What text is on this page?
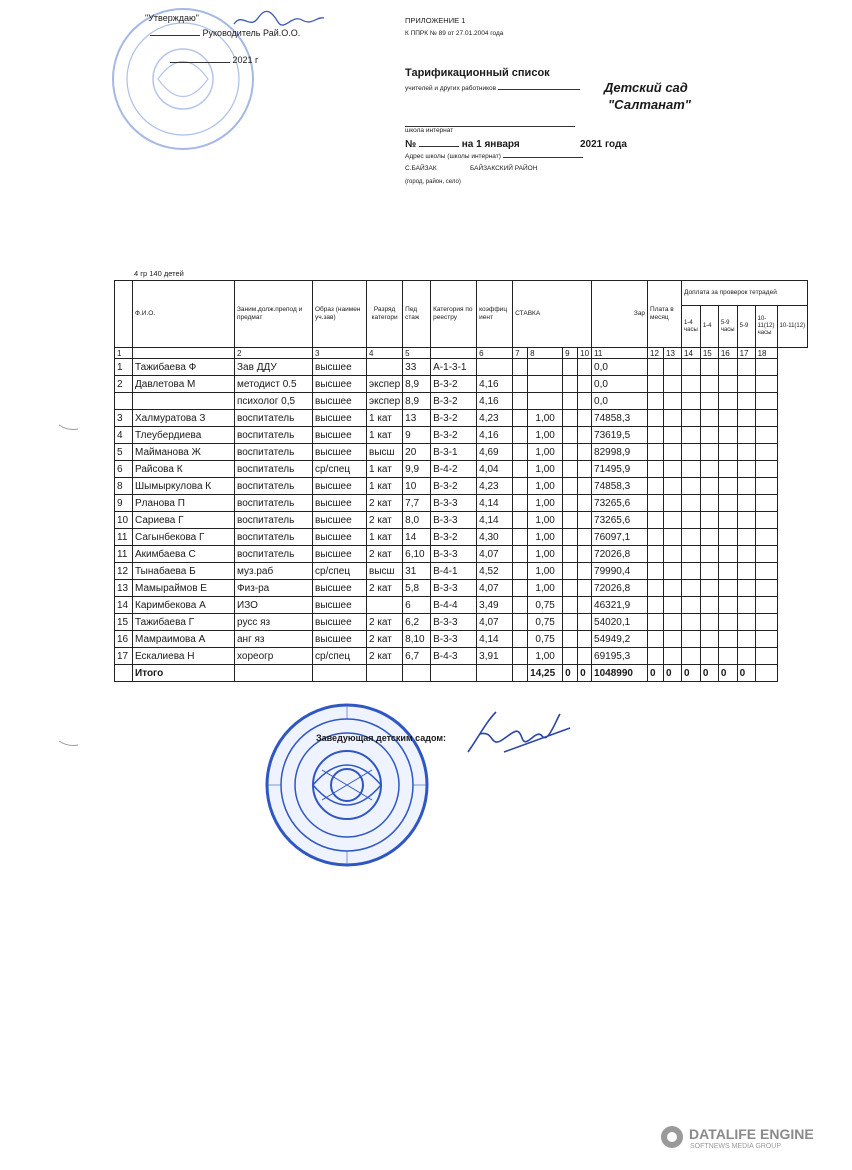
"Утверждаю"
Руководитель Рай.О.О.
2021 г
ПРИЛОЖЕНИЕ 1
К ППРК № 89 от 27.01.2004 года
Тарификационный список
учителей и других работников	Детский сад
"Салтанат"
школа интернат
№	на 1 января	2021 года
Адрес школы (школы интернат)
С.БАЙЗАК	БАЙЗАКСКИЙ РАЙОН
(город, район, село)
4 гр 140 детей
	Ф.И.О.	Заним.долж.препод и предмат	Образ (наимен уч.зав)	Разряд категори	Пед стаж	Категория по реестру	коэффиц иент	СТАВКА				Зар	Плата в месяц		Доплата за проверок тетрадей					
															1-4 часы	1-4	5-9 часы	5-9	10-11(12) часы	10-11(12)
1		2	3	4	5		6	7	8	9	10	11	12	13	14	15	16	17	18	
1	Тажибаева Ф	Зав ДДУ	высшее		33	А-1-3-1						0,0								
2	Давлетова М	методист 0.5	высшее	экспер	8,9	В-3-2	4,16					0,0								
		психолог 0,5	высшее	экспер	8,9	В-3-2	4,16					0,0								
3	Халмуратова З	воспитатель	высшее	1 кат	13	В-3-2	4,23		1,00			74858,3								
4	Тлеубердиева	воспитатель	высшее	1 кат	9	В-3-2	4,16		1,00			73619,5								
5	Майманова Ж	воспитатель	высшее	высш	20	В-3-1	4,69		1,00			82998,9								
6	Райсова К	воспитатель	ср/спец	1 кат	9,9	В-4-2	4,04		1,00			71495,9								
8	Шымыркулова К	воспитатель	высшее	1 кат	10	В-3-2	4,23		1,00			74858,3								
9	Рланова П	воспитатель	высшее	2 кат	7,7	В-3-3	4,14		1,00			73265,6								
10	Сариева Г	воспитатель	высшее	2 кат	8,0	В-3-3	4,14		1,00			73265,6								
11	Сагынбекова Г	воспитатель	высшее	1 кат	14	В-3-2	4,30		1,00			76097,1								
11	Акимбаева С	воспитатель	высшее	2 кат	6,10	В-3-3	4,07		1,00			72026,8								
12	Тынабаева Б	муз.раб	ср/спец	высш	31	В-4-1	4,52		1,00			79990,4								
13	Мамыраймов Е	Физ-ра	высшее	2 кат	5,8	В-3-3	4,07		1,00			72026,8								
14	Каримбекова А	ИЗО	высшее		6	В-4-4	3,49		0,75			46321,9								
15	Тажибаева Г	русс яз	высшее	2 кат	6,2	В-3-3	4,07		0,75			54020,1								
16	Мамраимова А	анг яз	высшее	2 кат	8,10	В-3-3	4,14		0,75			54949,2								
17	Ескалиева Н	хореогр	ср/спец	2 кат	6,7	В-4-3	3,91		1,00			69195,3								
	Итого								14,25	0	0	1048990	0	0	0	0	0	0		
Заведующая детским садом:
DATALIFE ENGINE
SOFTNEWS MEDIA GROUP
